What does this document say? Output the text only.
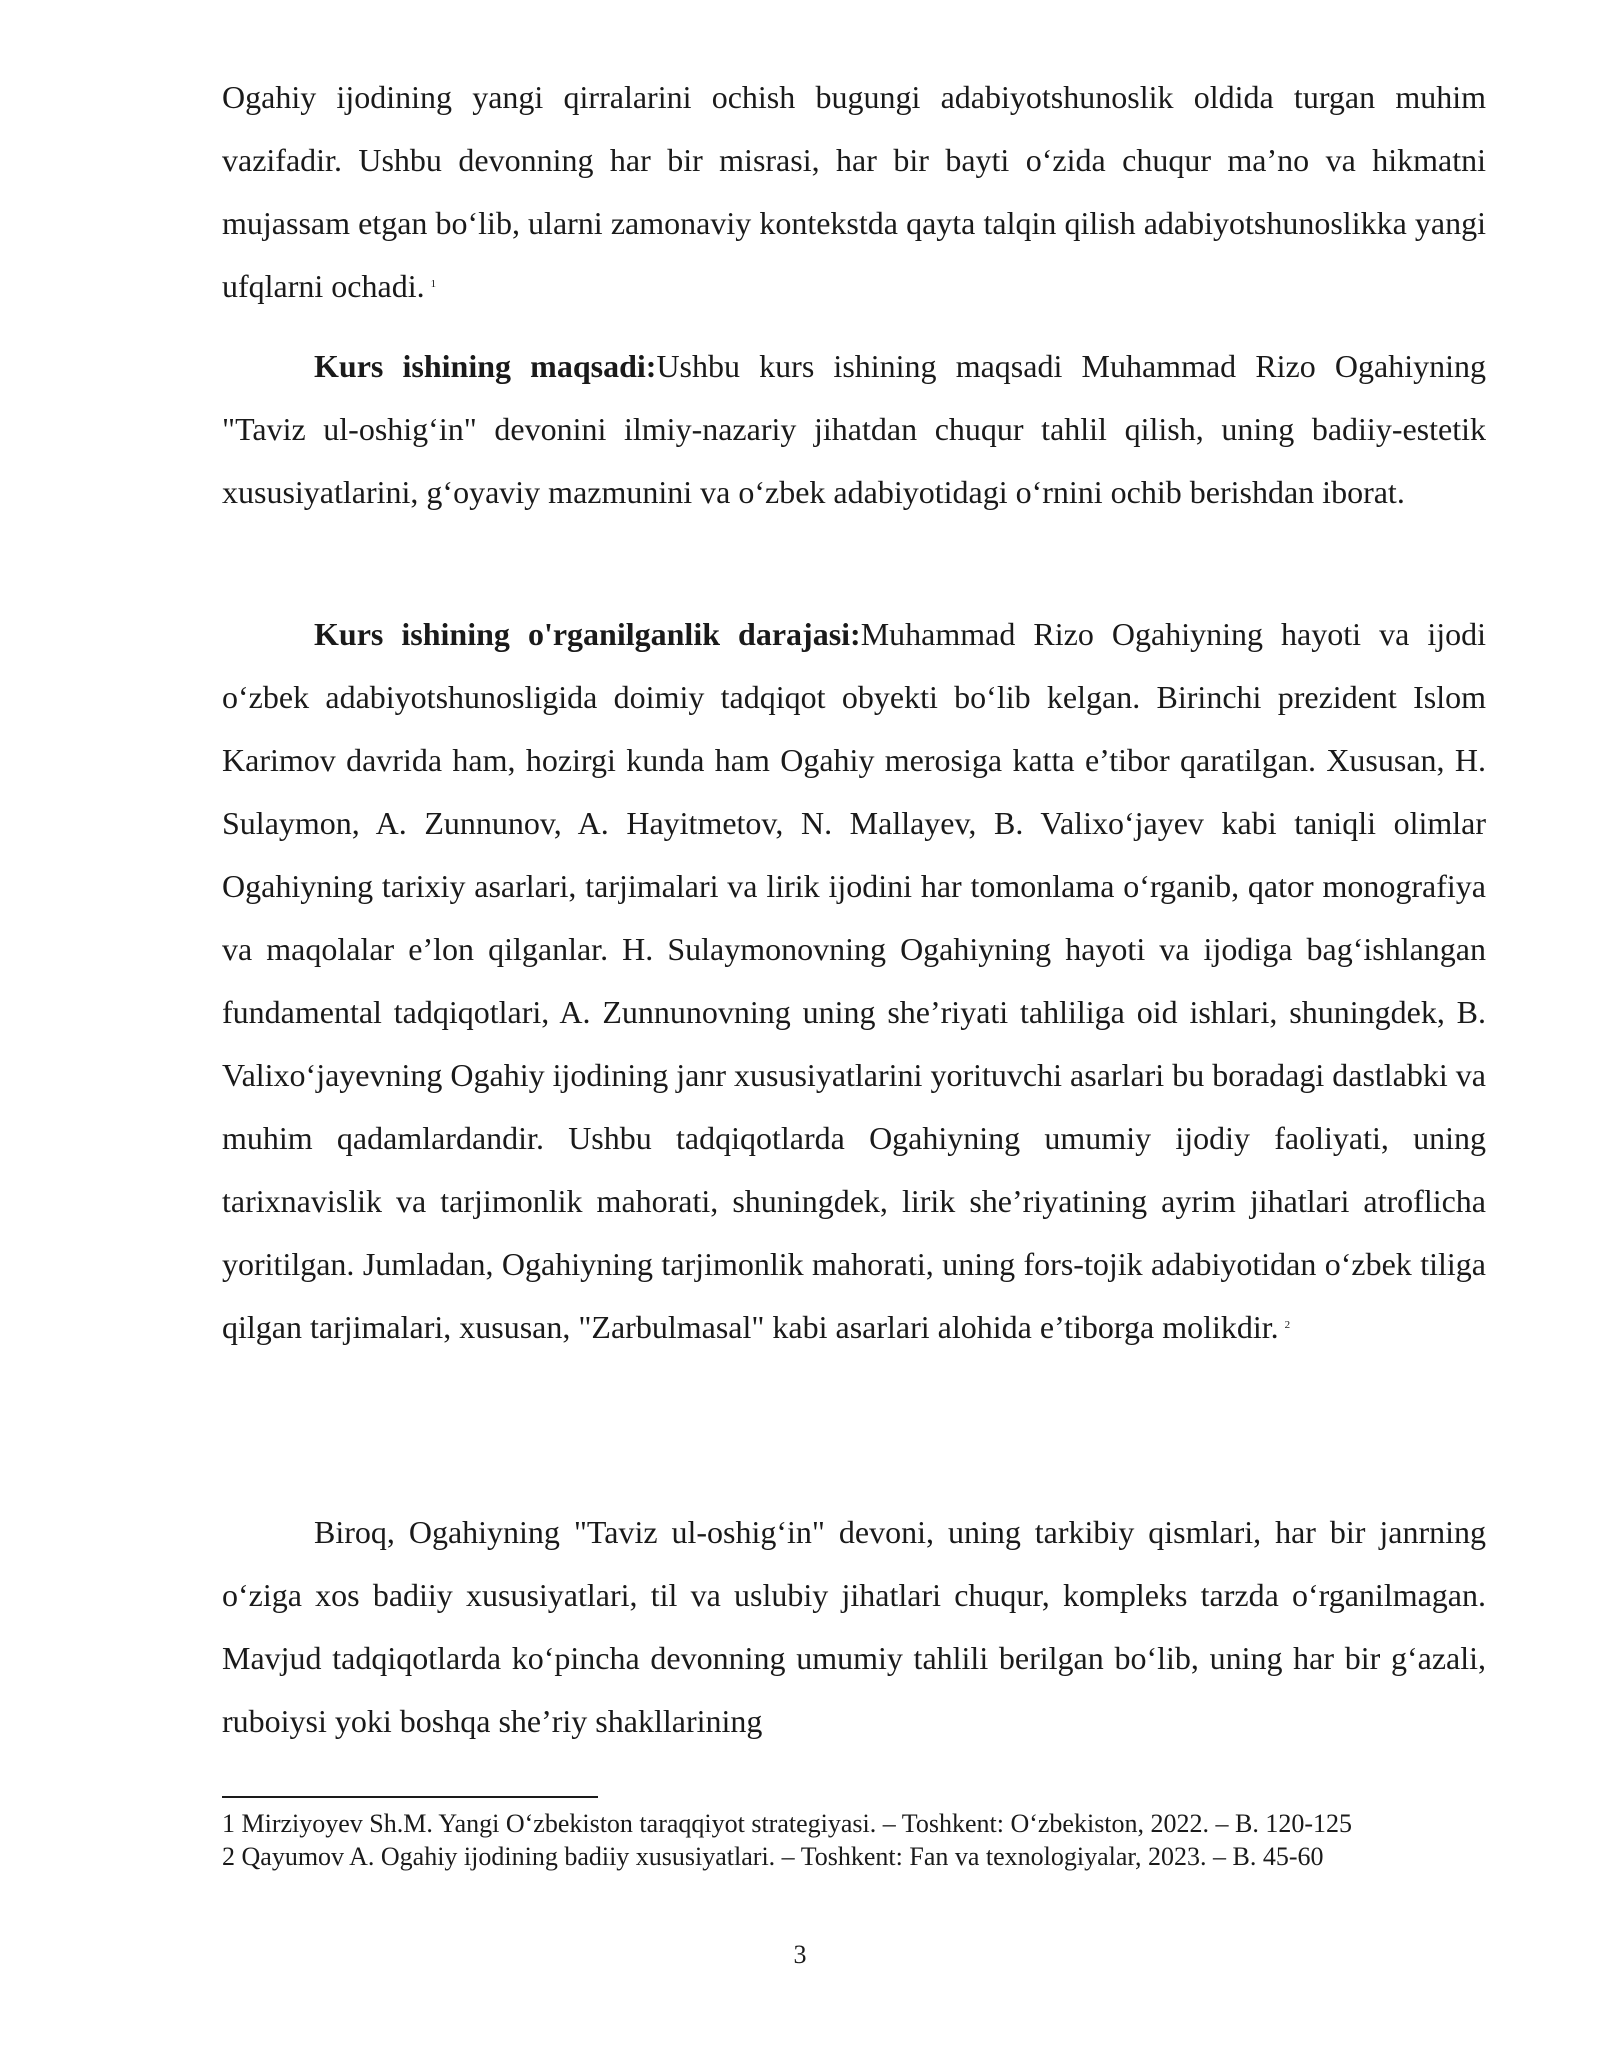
Ogahiy ijodining yangi qirralarini ochish bugungi adabiyotshunoslik oldida turgan muhim vazifadir. Ushbu devonning har bir misrasi, har bir bayti o‘zida chuqur ma’no va hikmatni mujassam etgan bo‘lib, ularni zamonaviy kontekstda qayta talqin qilish adabiyotshunoslikka yangi ufqlarni ochadi. $^1$

Kurs ishining maqsadi:Ushbu kurs ishining maqsadi Muhammad Rizo Ogahiyning "Taviz ul-oshig‘in" devonini ilmiy-nazariy jihatdan chuqur tahlil qilish, uning badiiy-estetik xususiyatlarini, g‘oyaviy mazmunini va o‘zbek adabiyotidagi o‘rnini ochib berishdan iborat.

Kurs ishining o'rganilganlik darajasi:Muhammad Rizo Ogahiyning hayoti va ijodi o‘zbek adabiyotshunosligida doimiy tadqiqot obyekti bo‘lib kelgan. Birinchi prezident Islom Karimov davrida ham, hozirgi kunda ham Ogahiy merosiga katta e’tibor qaratilgan. Xususan, H. Sulaymon, A. Zunnunov, A. Hayitmetov, N. Mallayev, B. Valixo‘jayev kabi taniqli olimlar Ogahiyning tarixiy asarlari, tarjimalari va lirik ijodini har tomonlama o‘rganib, qator monografiya va maqolalar e’lon qilganlar. H. Sulaymonovning Ogahiyning hayoti va ijodiga bag‘ishlangan fundamental tadqiqotlari, A. Zunnunovning uning she’riyati tahliliga oid ishlari, shuningdek, B. Valixo‘jayevning Ogahiy ijodining janr xususiyatlarini yorituvchi asarlari bu boradagi dastlabki va muhim qadamlardandir. Ushbu tadqiqotlarda Ogahiyning umumiy ijodiy faoliyati, uning tarixnavislik va tarjimonlik mahorati, shuningdek, lirik she’riyatining ayrim jihatlari atroflicha yoritilgan. Jumladan, Ogahiyning tarjimonlik mahorati, uning fors-tojik adabiyotidan o‘zbek tiliga qilgan tarjimalari, xususan, "Zarbulmasal" kabi asarlari alohida e’tiborga molikdir. $^2$

Biroq, Ogahiyning "Taviz ul-oshig‘in" devoni, uning tarkibiy qismlari, har bir janrning o‘ziga xos badiiy xususiyatlari, til va uslubiy jihatlari chuqur, kompleks tarzda o‘rganilmagan. Mavjud tadqiqotlarda ko‘pincha devonning umumiy tahlili berilgan bo‘lib, uning har bir g‘azali, ruboiysi yoki boshqa she’riy shakllarining

1 Mirziyoyev Sh.M. Yangi O‘zbekiston taraqqiyot strategiyasi. – Toshkent: O‘zbekiston, 2022. – B. 120-125
2 Qayumov A. Ogahiy ijodining badiiy xususiyatlari. – Toshkent: Fan va texnologiyalar, 2023. – B. 45-60
3
